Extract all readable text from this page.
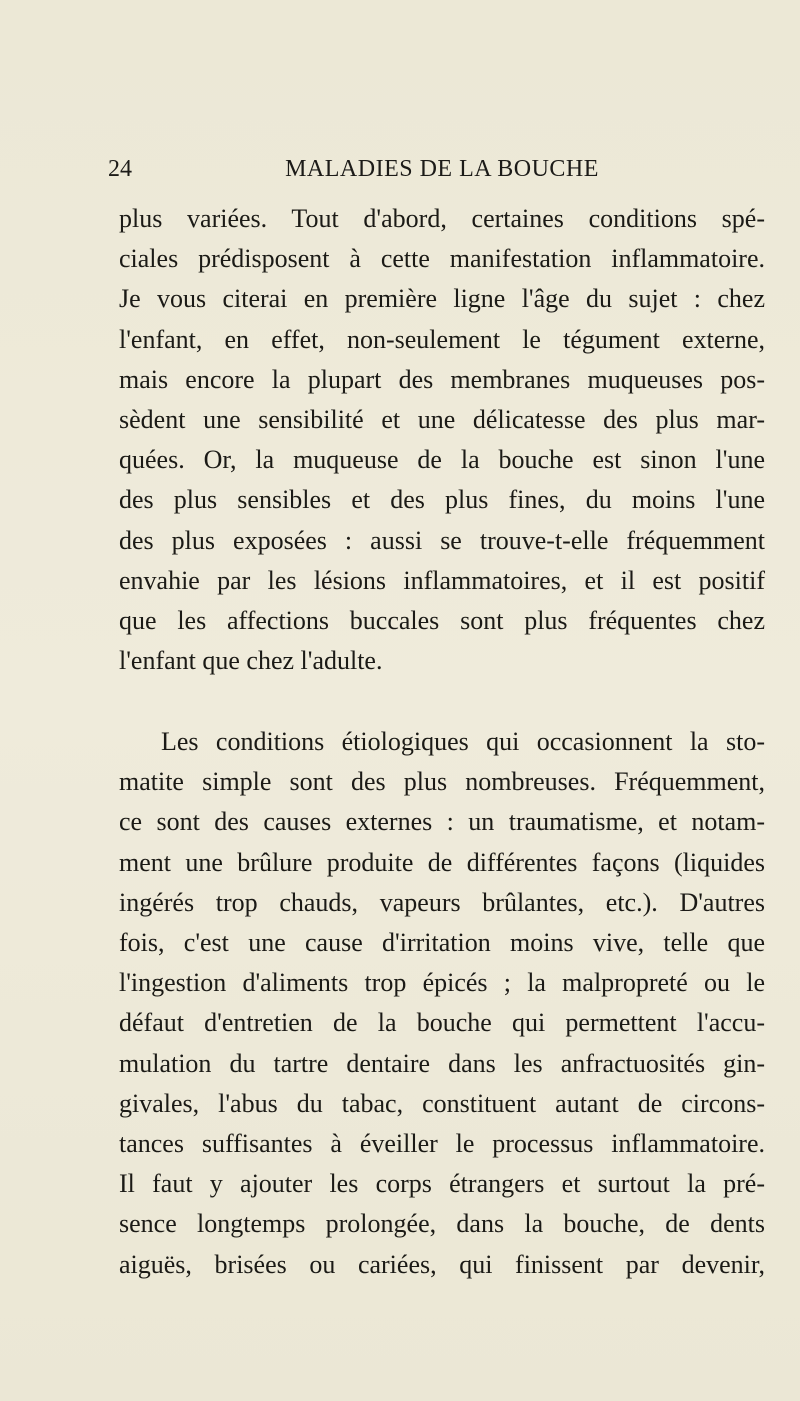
24	MALADIES DE LA BOUCHE
plus variées. Tout d'abord, certaines conditions spé-
ciales prédisposent à cette manifestation inflammatoire.
Je vous citerai en première ligne l'âge du sujet : chez
l'enfant, en effet, non-seulement le tégument externe,
mais encore la plupart des membranes muqueuses pos-
sèdent une sensibilité et une délicatesse des plus mar-
quées. Or, la muqueuse de la bouche est sinon l'une
des plus sensibles et des plus fines, du moins l'une
des plus exposées : aussi se trouve-t-elle fréquemment
envahie par les lésions inflammatoires, et il est positif
que les affections buccales sont plus fréquentes chez
l'enfant que chez l'adulte.
Les conditions étiologiques qui occasionnent la sto-
matite simple sont des plus nombreuses. Fréquemment,
ce sont des causes externes : un traumatisme, et notam-
ment une brûlure produite de différentes façons (liquides
ingérés trop chauds, vapeurs brûlantes, etc.). D'autres
fois, c'est une cause d'irritation moins vive, telle que
l'ingestion d'aliments trop épicés ; la malpropreté ou le
défaut d'entretien de la bouche qui permettent l'accu-
mulation du tartre dentaire dans les anfractuosités gin-
givales, l'abus du tabac, constituent autant de circons-
tances suffisantes à éveiller le processus inflammatoire.
Il faut y ajouter les corps étrangers et surtout la pré-
sence longtemps prolongée, dans la bouche, de dents
aiguës, brisées ou cariées, qui finissent par devenir,
